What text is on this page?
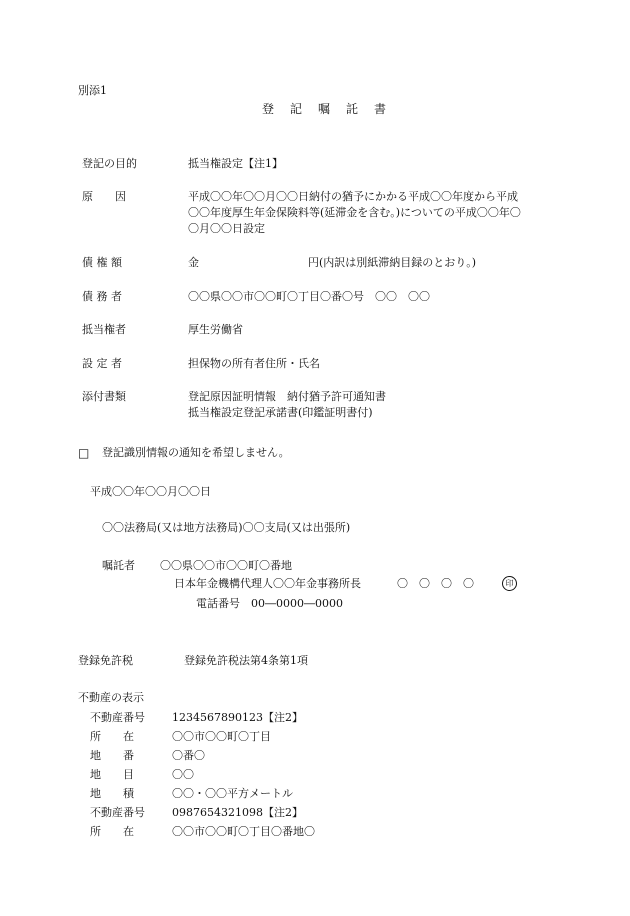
別添1
登　記　嘱　託　書
登記の目的	抵当権設定【注1】
原　　因	平成〇〇年〇〇月〇〇日納付の猶予にかかる平成〇〇年度から平成
〇〇年度厚生年金保険料等(延滞金を含む。)についての平成〇〇年〇
〇月〇〇日設定
債 権 額	金	円(内訳は別紙滞納目録のとおり。)
債 務 者	〇〇県〇〇市〇〇町〇丁目〇番〇号　〇〇　〇〇
抵当権者	厚生労働省
設 定 者	担保物の所有者住所・氏名
添付書類	登記原因証明情報　納付猶予許可通知書
抵当権設定登記承諾書(印鑑証明書付)
□ 登記識別情報の通知を希望しません。
平成〇〇年〇〇月〇〇日
〇〇法務局(又は地方法務局)〇〇支局(又は出張所)
嘱託者 〇〇県〇〇市〇〇町〇番地
日本年金機構代理人〇〇年金事務所長	〇　〇　〇　〇	印
電話番号　00―0000―0000
登録免許税	登録免許税法第4条第1項
不動産の表示
不動産番号 1234567890123【注2】
所　　在	〇〇市〇〇町〇丁目
地　　番	〇番〇
地　　目	〇〇
地　　積	〇〇・〇〇平方メートル
不動産番号 0987654321098【注2】
所　　在	〇〇市〇〇町〇丁目〇番地〇
